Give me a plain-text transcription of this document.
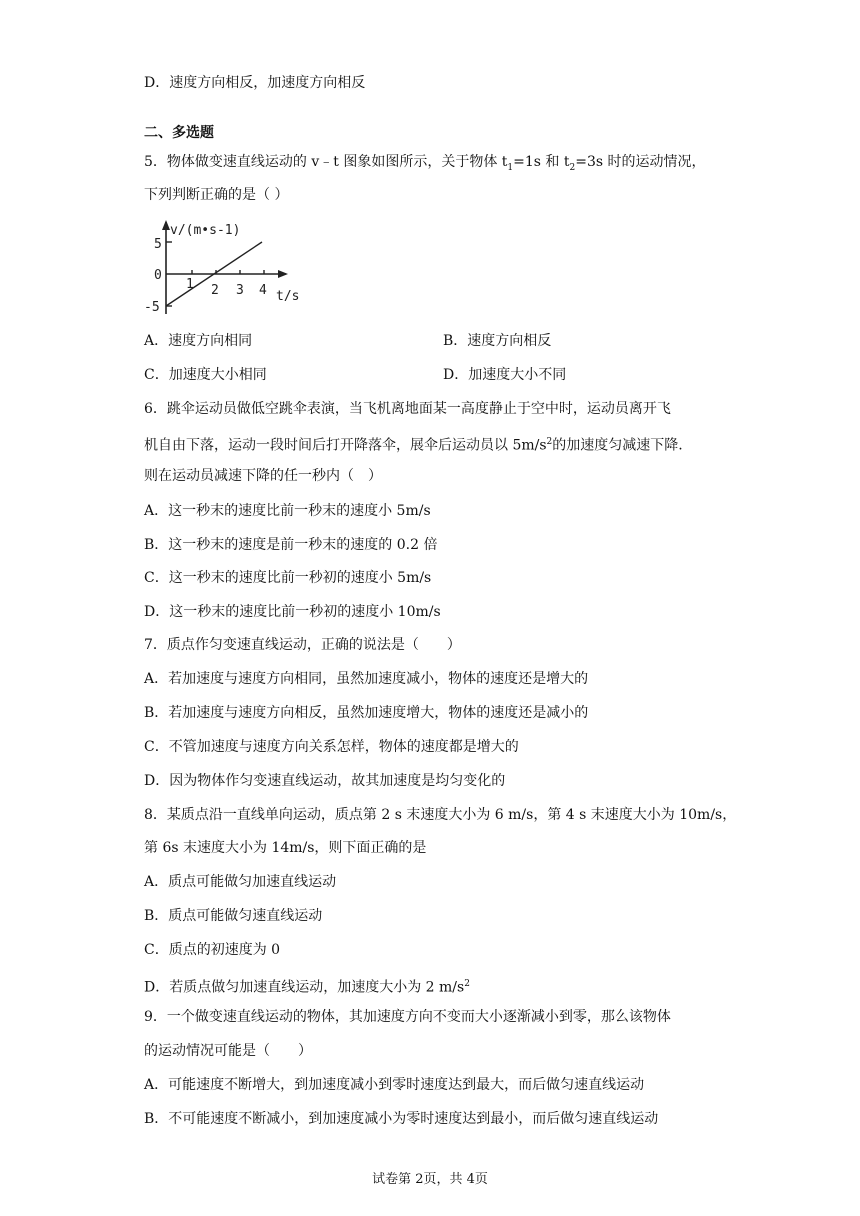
D．速度方向相反，加速度方向相反
二、多选题
5．物体做变速直线运动的 v﹣t 图象如图所示，关于物体 $t_1=1s$ 和 $t_2=3s$ 时的运动情况，
下列判断正确的是（ ）
v/(m•s-1)
5
0
-5
1 2 3 4 t/s
A．速度方向相同	B．速度方向相反
C．加速度大小相同	D．加速度大小不同
6．跳伞运动员做低空跳伞表演，当飞机离地面某一高度静止于空中时，运动员离开飞
机自由下落，运动一段时间后打开降落伞，展伞后运动员以 $5m/s^2$的加速度匀减速下降.
则在运动员减速下降的任一秒内（　）
A．这一秒末的速度比前一秒末的速度小 5m/s
B．这一秒末的速度是前一秒末的速度的 0.2 倍
C．这一秒末的速度比前一秒初的速度小 5m/s
D．这一秒末的速度比前一秒初的速度小 10m/s
7．质点作匀变速直线运动，正确的说法是（　　）
A．若加速度与速度方向相同，虽然加速度减小，物体的速度还是增大的
B．若加速度与速度方向相反，虽然加速度增大，物体的速度还是减小的
C．不管加速度与速度方向关系怎样，物体的速度都是增大的
D．因为物体作匀变速直线运动，故其加速度是均匀变化的
8．某质点沿一直线单向运动，质点第 2 s 末速度大小为 6 m/s，第 4 s 末速度大小为 10m/s，
第 6s 末速度大小为 14m/s，则下面正确的是
A．质点可能做匀加速直线运动
B．质点可能做匀速直线运动
C．质点的初速度为 0
D．若质点做匀加速直线运动，加速度大小为 2 $m/s^2$
9．一个做变速直线运动的物体，其加速度方向不变而大小逐渐减小到零，那么该物体
的运动情况可能是（　　）
A．可能速度不断增大，到加速度减小到零时速度达到最大，而后做匀速直线运动
B．不可能速度不断减小，到加速度减小为零时速度达到最小，而后做匀速直线运动
试卷第 2页，共 4页
